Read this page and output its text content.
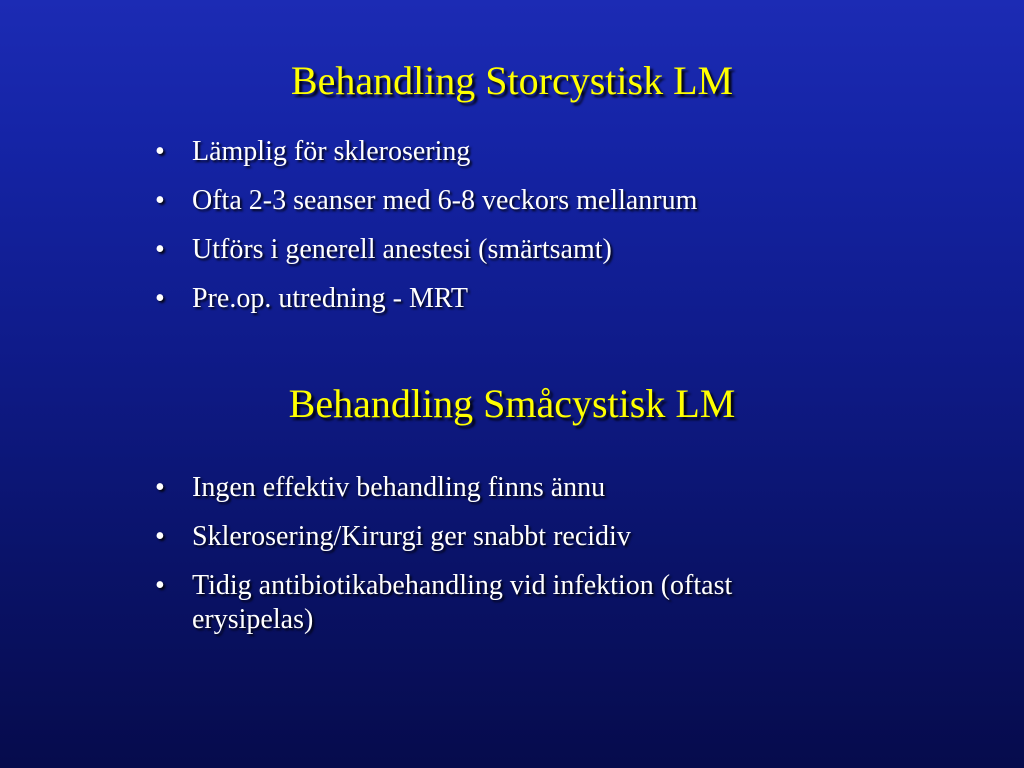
Behandling Storcystisk LM
• Lämplig för sklerosering
• Ofta 2-3 seanser med 6-8 veckors mellanrum
• Utförs i generell anestesi (smärtsamt)
• Pre.op. utredning - MRT
Behandling Småcystisk LM
• Ingen effektiv behandling finns ännu
• Sklerosering/Kirurgi ger snabbt recidiv
• Tidig antibiotikabehandling vid infektion (oftast erysipelas)
